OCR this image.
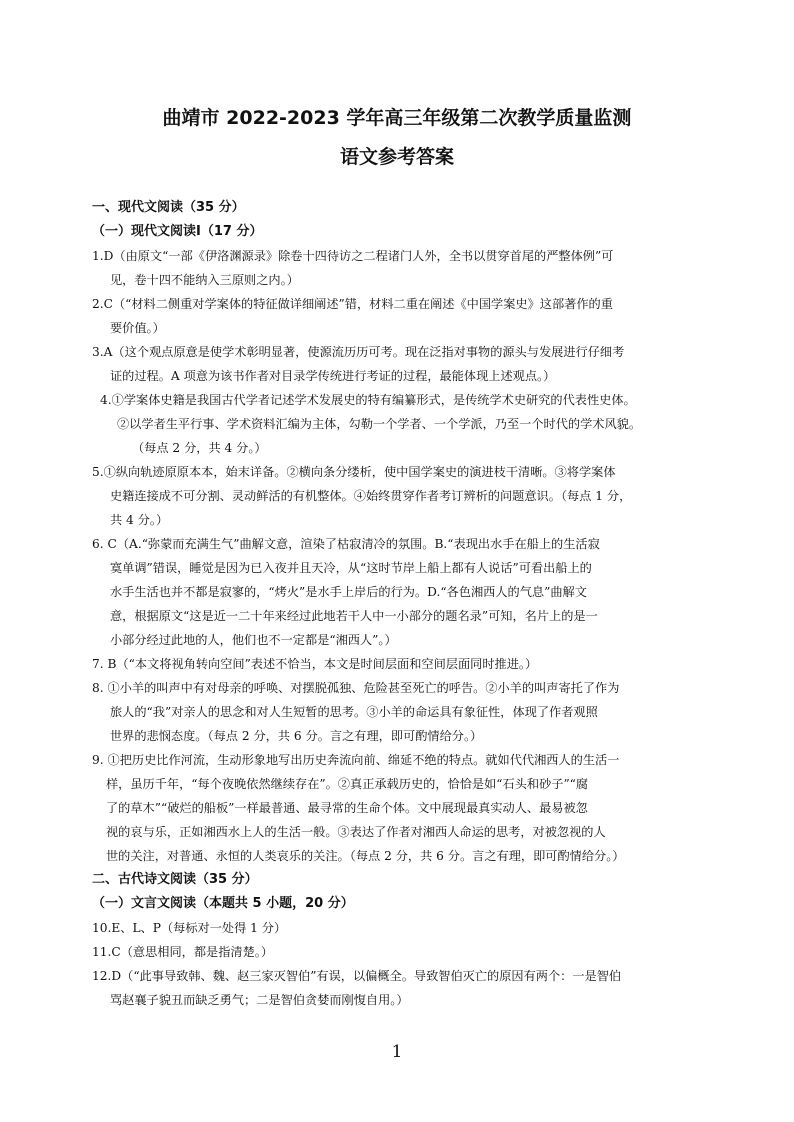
曲靖市 2022-2023 学年高三年级第二次教学质量监测
语文参考答案
一、现代文阅读（35 分）
（一）现代文阅读Ⅰ（17 分）
1.D（由原文“一部《伊洛渊源录》除卷十四待访之二程诸门人外，全书以贯穿首尾的严整体例”可
见，卷十四不能纳入三原则之内。）
2.C（“材料二侧重对学案体的特征做详细阐述”错，材料二重在阐述《中国学案史》这部著作的重
要价值。）
3.A（这个观点原意是使学术彰明显著，使源流历历可考。现在泛指对事物的源头与发展进行仔细考
证的过程。A 项意为该书作者对目录学传统进行考证的过程，最能体现上述观点。）
4.①学案体史籍是我国古代学者记述学术发展史的特有编纂形式，是传统学术史研究的代表性史体。
②以学者生平行事、学术资料汇编为主体，勾勒一个学者、一个学派，乃至一个时代的学术风貌。
（每点 2 分，共 4 分。）
5.①纵向轨迹原原本本，始末详备。②横向条分缕析，使中国学案史的演进枝干清晰。③将学案体
史籍连接成不可分割、灵动鲜活的有机整体。④始终贯穿作者考订辨析的问题意识。（每点 1 分，
共 4 分。）
6. C（A.“弥蒙而充满生气”曲解文意，渲染了枯寂清冷的氛围。B.“表现出水手在船上的生活寂
寞单调”错误，睡觉是因为已入夜并且天冷，从“这时节岸上船上都有人说话”可看出船上的
水手生活也并不都是寂寥的，“烤火”是水手上岸后的行为。D.“各色湘西人的气息”曲解文
意，根据原文“这是近一二十年来经过此地若干人中一小部分的题名录”可知，名片上的是一
小部分经过此地的人，他们也不一定都是“湘西人”。）
7. B（“本文将视角转向空间”表述不恰当，本文是时间层面和空间层面同时推进。）
8. ①小羊的叫声中有对母亲的呼唤、对摆脱孤独、危险甚至死亡的呼告。②小羊的叫声寄托了作为
旅人的“我”对亲人的思念和对人生短暂的思考。③小羊的命运具有象征性，体现了作者观照
世界的悲悯态度。（每点 2 分，共 6 分。言之有理，即可酌情给分。）
9. ①把历史比作河流，生动形象地写出历史奔流向前、绵延不绝的特点。就如代代湘西人的生活一
样，虽历千年，“每个夜晚依然继续存在”。②真正承载历史的，恰恰是如“石头和砂子”“腐
了的草木”“破烂的船板”一样最普通、最寻常的生命个体。文中展现最真实动人、最易被忽
视的哀与乐，正如湘西水上人的生活一般。③表达了作者对湘西人命运的思考，对被忽视的人
世的关注，对普通、永恒的人类哀乐的关注。（每点 2 分，共 6 分。言之有理，即可酌情给分。）
二、古代诗文阅读（35 分）
（一）文言文阅读（本题共 5 小题，20 分）
10.E、L、P（每标对一处得 1 分）
11.C（意思相同，都是指清楚。）
12.D（“此事导致韩、魏、赵三家灭智伯”有误，以偏概全。导致智伯灭亡的原因有两个：一是智伯
骂赵襄子貌丑而缺乏勇气；二是智伯贪婪而刚愎自用。）
1
